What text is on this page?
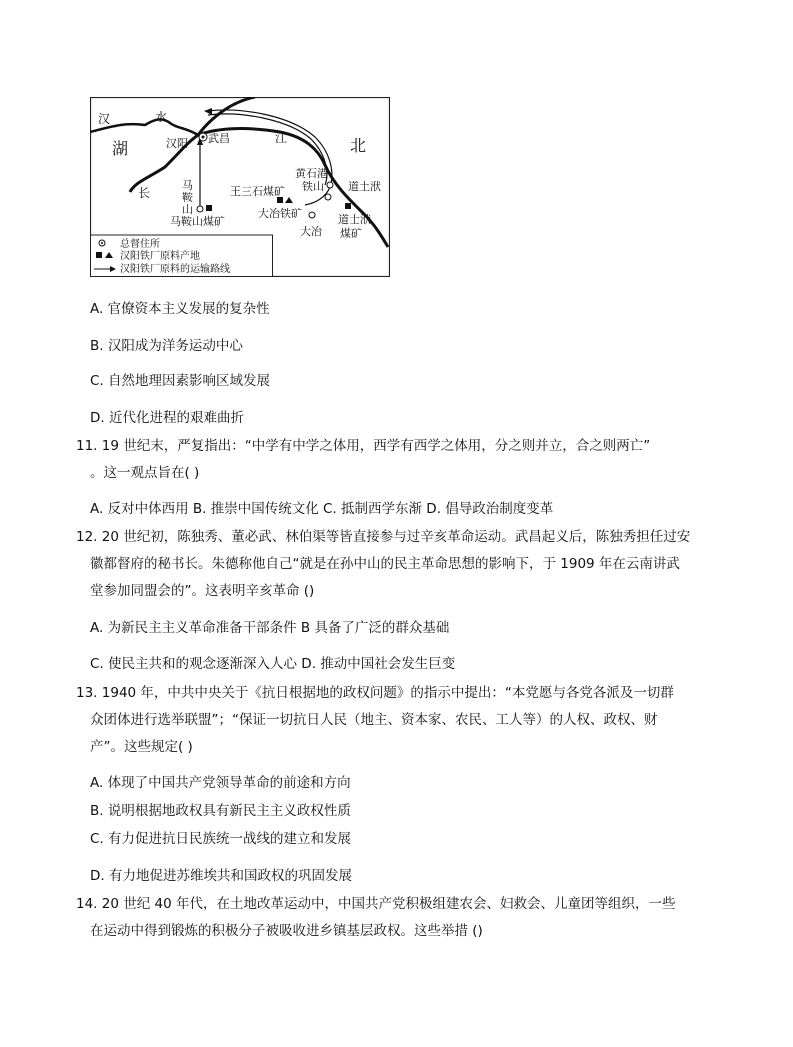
汉	水
汉阳 武昌	江
湖	北
长
黄石港
铁山 道土洑
王三石煤矿
大冶铁矿
大冶
道士洑
煤矿
马
鞍
山
马鞍山煤矿
总督住所
汉阳铁厂原料产地
汉阳铁厂原料的运输路线
A. 官僚资本主义发展的复杂性
B. 汉阳成为洋务运动中心
C. 自然地理因素影响区域发展
D. 近代化进程的艰难曲折
11. 19 世纪末，严复指出：“中学有中学之体用，西学有西学之体用，分之则并立，合之则两亡”
。这一观点旨在( )
A. 反对中体西用 B. 推崇中国传统文化 C. 抵制西学东渐 D. 倡导政治制度变革
12. 20 世纪初，陈独秀、董必武、林伯渠等皆直接参与过辛亥革命运动。武昌起义后，陈独秀担任过安
徽都督府的秘书长。朱德称他自己“就是在孙中山的民主革命思想的影响下，于 1909 年在云南讲武
堂参加同盟会的”。这表明辛亥革命 ()
A. 为新民主主义革命准备干部条件 B 具备了广泛的群众基础
C. 使民主共和的观念逐渐深入人心 D. 推动中国社会发生巨变
13. 1940 年，中共中央关于《抗日根据地的政权问题》的指示中提出：“本党愿与各党各派及一切群
众团体进行选举联盟”；“保证一切抗日人民（地主、资本家、农民、工人等）的人权、政权、财
产”。这些规定( )
A. 体现了中国共产党领导革命的前途和方向
B. 说明根据地政权具有新民主主义政权性质
C. 有力促进抗日民族统一战线的建立和发展
D. 有力地促进苏维埃共和国政权的巩固发展
14. 20 世纪 40 年代，在土地改革运动中，中国共产党积极组建农会、妇救会、儿童团等组织，一些
在运动中得到锻炼的积极分子被吸收进乡镇基层政权。这些举措 ()
